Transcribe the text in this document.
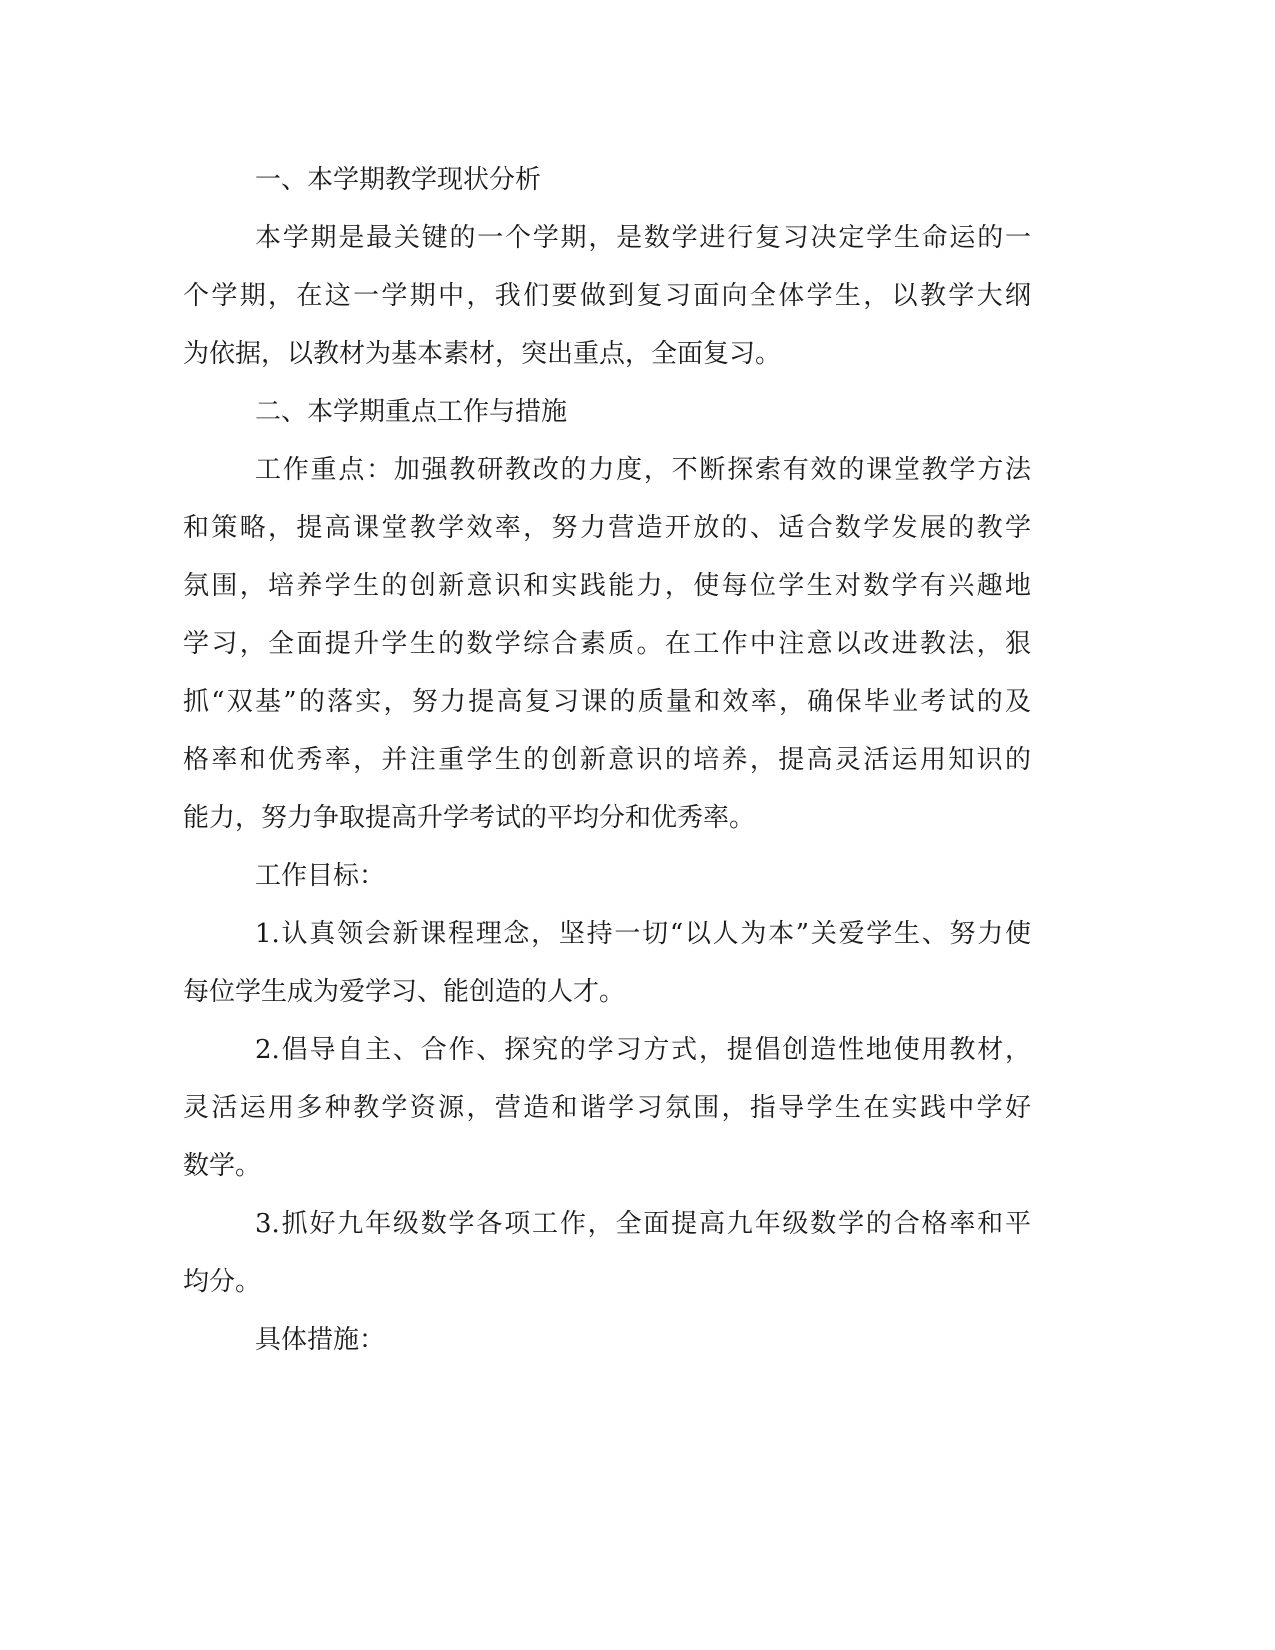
一、本学期教学现状分析
本学期是最关键的一个学期，是数学进行复习决定学生命运的一
个学期，在这一学期中，我们要做到复习面向全体学生，以教学大纲
为依据，以教材为基本素材，突出重点，全面复习。
二、本学期重点工作与措施
工作重点：加强教研教改的力度，不断探索有效的课堂教学方法
和策略，提高课堂教学效率，努力营造开放的、适合数学发展的教学
氛围，培养学生的创新意识和实践能力，使每位学生对数学有兴趣地
学习，全面提升学生的数学综合素质。在工作中注意以改进教法，狠
抓“双基”的落实，努力提高复习课的质量和效率，确保毕业考试的及
格率和优秀率，并注重学生的创新意识的培养，提高灵活运用知识的
能力，努力争取提高升学考试的平均分和优秀率。
工作目标：
1.认真领会新课程理念，坚持一切“以人为本”关爱学生、努力使
每位学生成为爱学习、能创造的人才。
2.倡导自主、合作、探究的学习方式，提倡创造性地使用教材，
灵活运用多种教学资源，营造和谐学习氛围，指导学生在实践中学好
数学。
3.抓好九年级数学各项工作，全面提高九年级数学的合格率和平
均分。
具体措施：
